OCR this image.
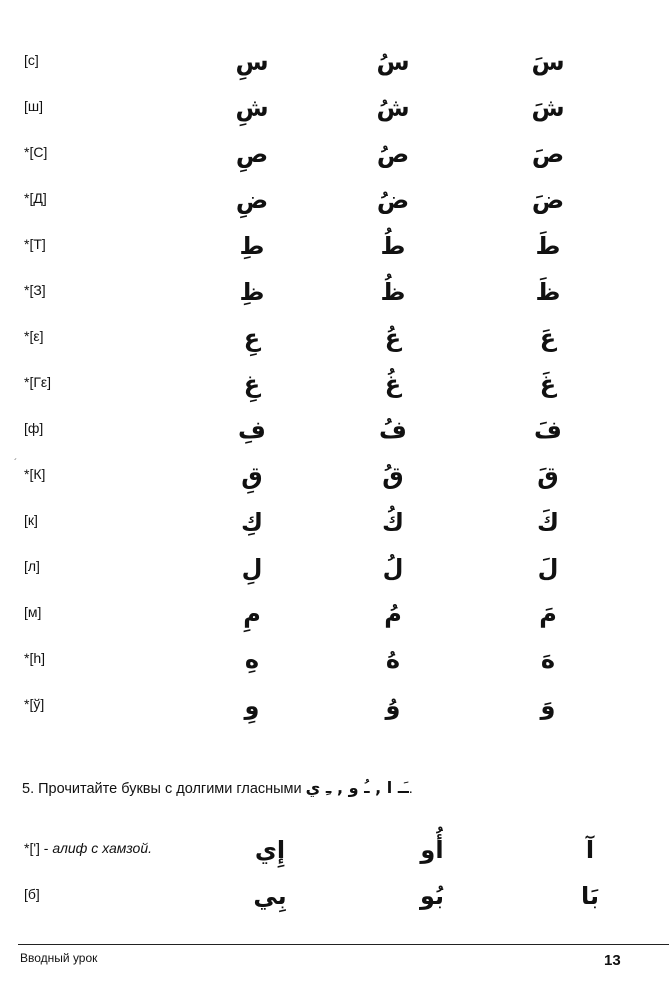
[с]	سِ	سُ	سَ
[ш]	شِ	شُ	شَ
*[С]	صِ	صُ	صَ
*[Д]	ضِ	ضُ	ضَ
*[Т]	طِ	طُ	طَ
*[З]	ظِ	ظُ	ظَ
*[ε]	عِ	عُ	عَ
*[Гε]	غِ	غُ	غَ
[ф]	فِ	فُ	فَ
´
*[К]	قِ	قُ	قَ
[к]	كِ	كُ	كَ
[л]	لِ	لُ	لَ
[м]	مِ	مُ	مَ
*[h]	هِ	هُ	هَ
*[ў]	وِ	وُ	وَ
5. Прочитайте буквы с долгими гласными ـَـ ا , ـُ و , ـِ ي.
*['] - алиф с хамзой.	إِي	أُو	آ
[б]	بِي	بُو	بَا
Вводный урок	13
